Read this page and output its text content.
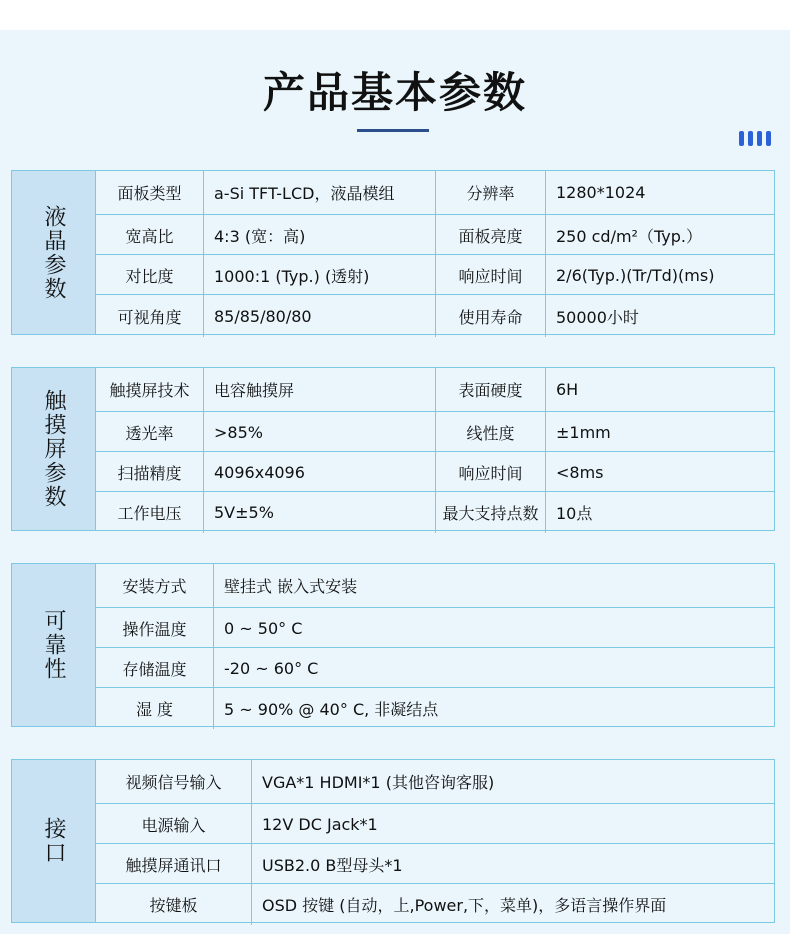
产品基本参数
液晶参数
面板类型	a-Si TFT-LCD，液晶模组	分辨率	1280*1024
宽高比	4:3 (宽：高)	面板亮度	250 cd/m²（Typ.）
对比度	1000:1 (Typ.) (透射)	响应时间	2/6(Typ.)(Tr/Td)(ms)
可视角度	85/85/80/80	使用寿命	50000小时
触摸屏参数	触摸屏技术	电容触摸屏	表面硬度	6H
透光率	>85%	线性度	±1mm
扫描精度	4096x4096	响应时间	<8ms
工作电压	5V±5%	最大支持点数	10点
可靠性
安装方式	壁挂式 嵌入式安装
操作温度	0 ~ 50° C
存储温度	-20 ~ 60° C
湿 度	5 ~ 90% @ 40° C, 非凝结点
接口
视频信号输入	VGA*1 HDMI*1 (其他咨询客服)
电源输入	12V DC Jack*1
触摸屏通讯口	USB2.0 B型母头*1
按键板	OSD 按键 (自动，上,Power,下，菜单)，多语言操作界面
